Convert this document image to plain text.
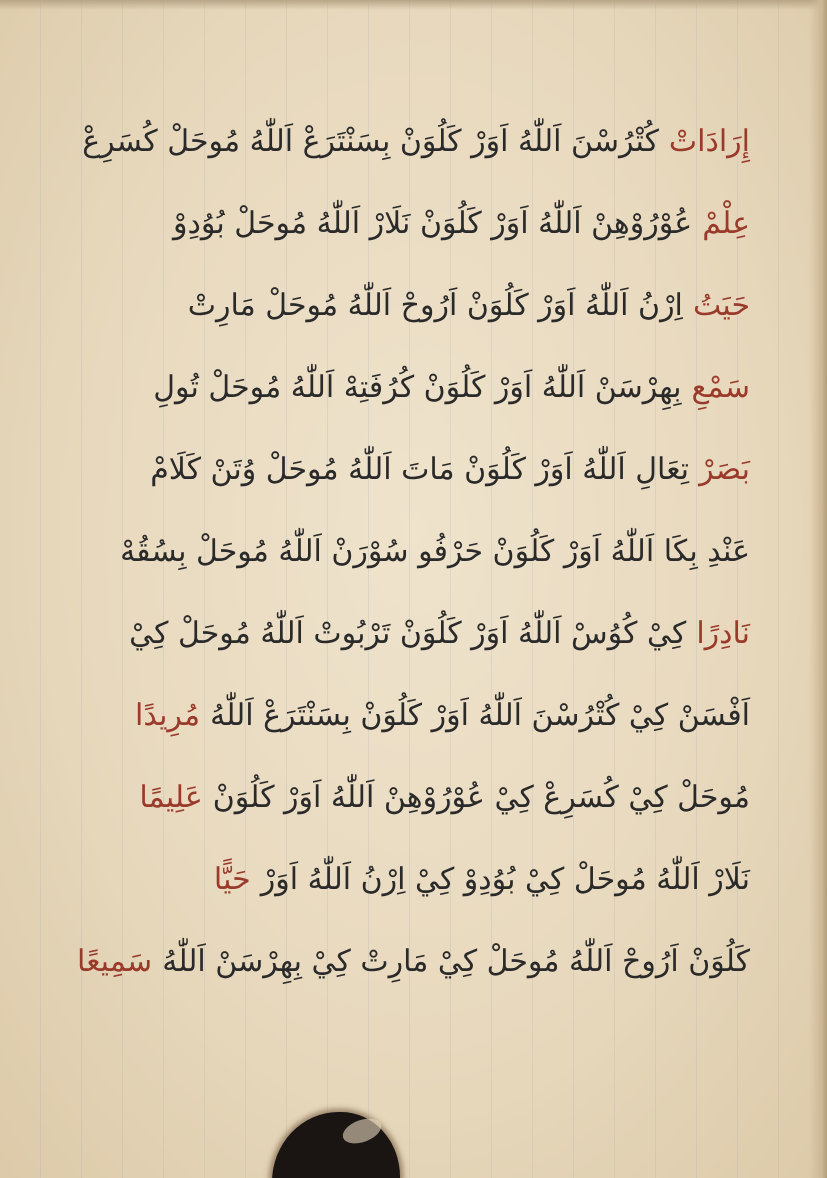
إِرَادَاتْ

كُتْرُسْنَ اَللّٰهُ اَوَرْ كَلُوَنْ بِسَنْتَرَعْ اَللّٰهُ مُوحَلْ كُسَرِعْ
عِلْمْ

عُوْرُوْهِنْ اَللّٰهُ اَوَرْ كَلُوَنْ نَلَارْ اَللّٰهُ مُوحَلْ بُوُدِوْ
حَيَتُ

اِرْنُ اَللّٰهُ اَوَرْ كَلُوَنْ اَرُوحْ اَللّٰهُ مُوحَلْ مَارِتْ
سَمْعِ

بِهِرْسَنْ اَللّٰهُ اَوَرْ كَلُوَنْ كُرُفَتِهْ اَللّٰهُ مُوحَلْ تُولِ
بَصَرْ

تِعَالِ اَللّٰهُ اَوَرْ كَلُوَنْ مَاتَ اَللّٰهُ مُوحَلْ وُتَنْ كَلَامْ
عَنْدِ بِكَا اَللّٰهُ اَوَرْ كَلُوَنْ حَرْفُو سُوْرَنْ اَللّٰهُ مُوحَلْ بِسُقُهْ
نَادِرًا

كِيْ كُوُسْ اَللّٰهُ اَوَرْ كَلُوَنْ تَرْبُوتْ اَللّٰهُ مُوحَلْ كِيْ
اَفْسَنْ كِيْ كُتْرُسْنَ اَللّٰهُ اَوَرْ كَلُوَنْ بِسَنْتَرَعْ اَللّٰهُ

مُرِيدًا
مُوحَلْ كِيْ كُسَرِعْ كِيْ عُوْرُوْهِنْ اَللّٰهُ اَوَرْ كَلُوَنْ

عَلِيمًا
نَلَارْ اَللّٰهُ مُوحَلْ كِيْ بُوُدِوْ كِيْ اِرْنُ اَللّٰهُ اَوَرْ

حَيًّا
كَلُوَنْ اَرُوحْ اَللّٰهُ مُوحَلْ كِيْ مَارِتْ كِيْ بِهِرْسَنْ اَللّٰهُ

سَمِيعًا
